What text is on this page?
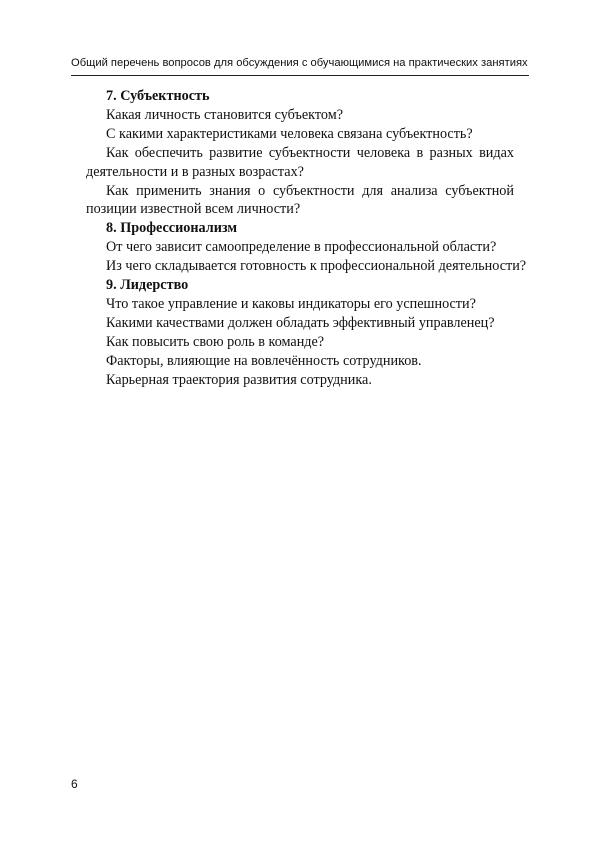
Общий перечень вопросов для обсуждения с обучающимися на практических занятиях

7. Субъектность

Какая личность становится субъектом?

С какими характеристиками человека связана субъектность?

Как обеспечить развитие субъектности человека в разных видах деятельности и в разных возрастах?

Как применить знания о субъектности для анализа субъектной позиции известной всем личности?

8. Профессионализм

От чего зависит самоопределение в профессиональной области?

Из чего складывается готовность к профессиональной деятельности?

9. Лидерство

Что такое управление и каковы индикаторы его успешности?

Какими качествами должен обладать эффективный управленец?

Как повысить свою роль в команде?

Факторы, влияющие на вовлечённость сотрудников.

Карьерная траектория развития сотрудника.

6
